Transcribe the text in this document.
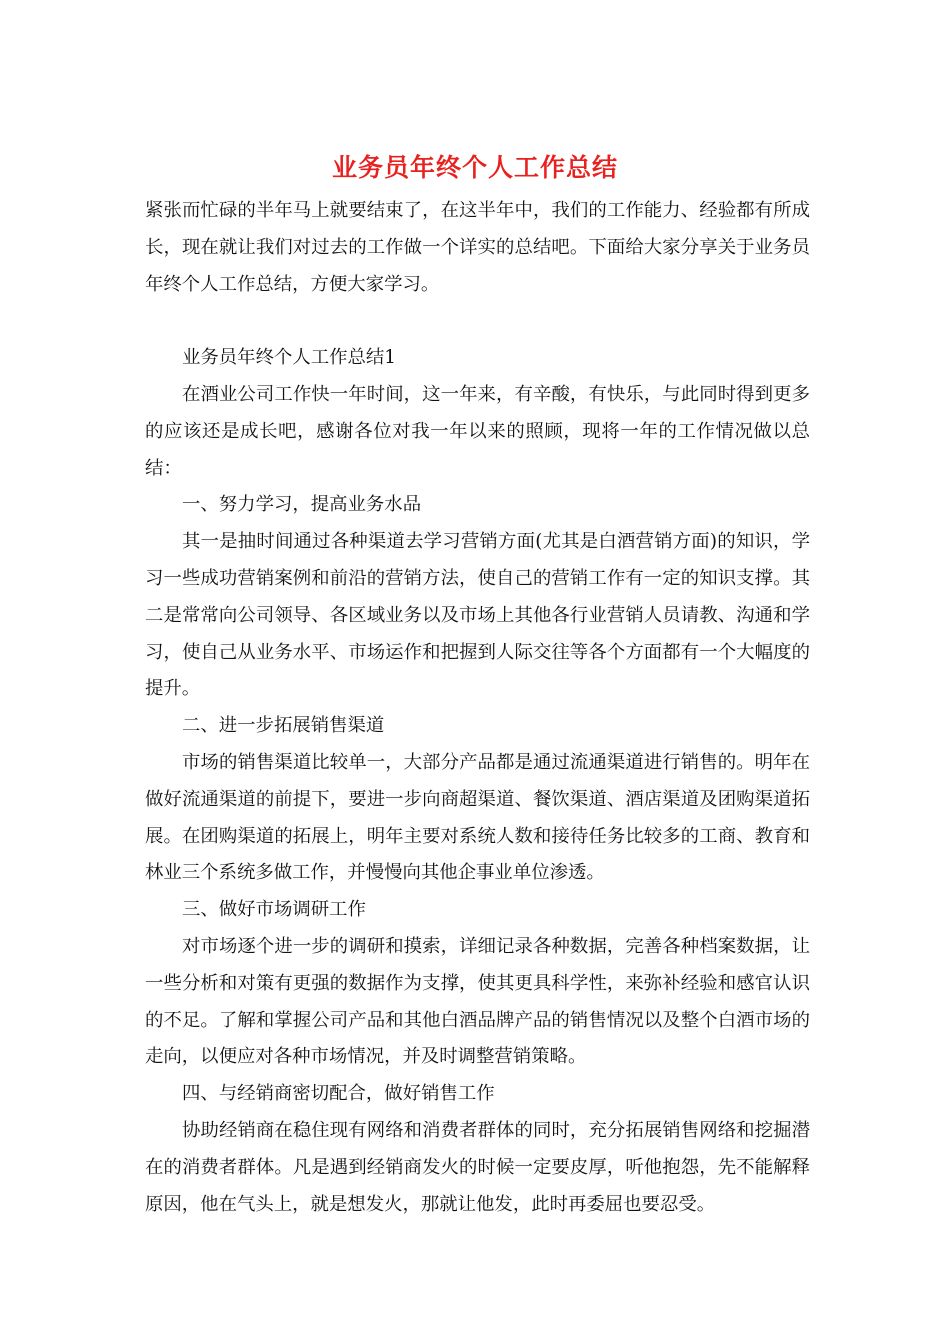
业务员年终个人工作总结

紧张而忙碌的半年马上就要结束了，在这半年中，我们的工作能力、经验都有所成长，现在就让我们对过去的工作做一个详实的总结吧。下面给大家分享关于业务员年终个人工作总结，方便大家学习。

业务员年终个人工作总结1

在酒业公司工作快一年时间，这一年来，有辛酸，有快乐，与此同时得到更多的应该还是成长吧，感谢各位对我一年以来的照顾，现将一年的工作情况做以总结：

一、努力学习，提高业务水品

其一是抽时间通过各种渠道去学习营销方面(尤其是白酒营销方面)的知识，学习一些成功营销案例和前沿的营销方法，使自己的营销工作有一定的知识支撑。其二是常常向公司领导、各区域业务以及市场上其他各行业营销人员请教、沟通和学习，使自己从业务水平、市场运作和把握到人际交往等各个方面都有一个大幅度的提升。

二、进一步拓展销售渠道

市场的销售渠道比较单一，大部分产品都是通过流通渠道进行销售的。明年在做好流通渠道的前提下，要进一步向商超渠道、餐饮渠道、酒店渠道及团购渠道拓展。在团购渠道的拓展上，明年主要对系统人数和接待任务比较多的工商、教育和林业三个系统多做工作，并慢慢向其他企事业单位渗透。

三、做好市场调研工作

对市场逐个进一步的调研和摸索，详细记录各种数据，完善各种档案数据，让一些分析和对策有更强的数据作为支撑，使其更具科学性，来弥补经验和感官认识的不足。了解和掌握公司产品和其他白酒品牌产品的销售情况以及整个白酒市场的走向，以便应对各种市场情况，并及时调整营销策略。

四、与经销商密切配合，做好销售工作

协助经销商在稳住现有网络和消费者群体的同时，充分拓展销售网络和挖掘潜在的消费者群体。凡是遇到经销商发火的时候一定要皮厚，听他抱怨，先不能解释原因，他在气头上，就是想发火，那就让他发，此时再委屈也要忍受。
